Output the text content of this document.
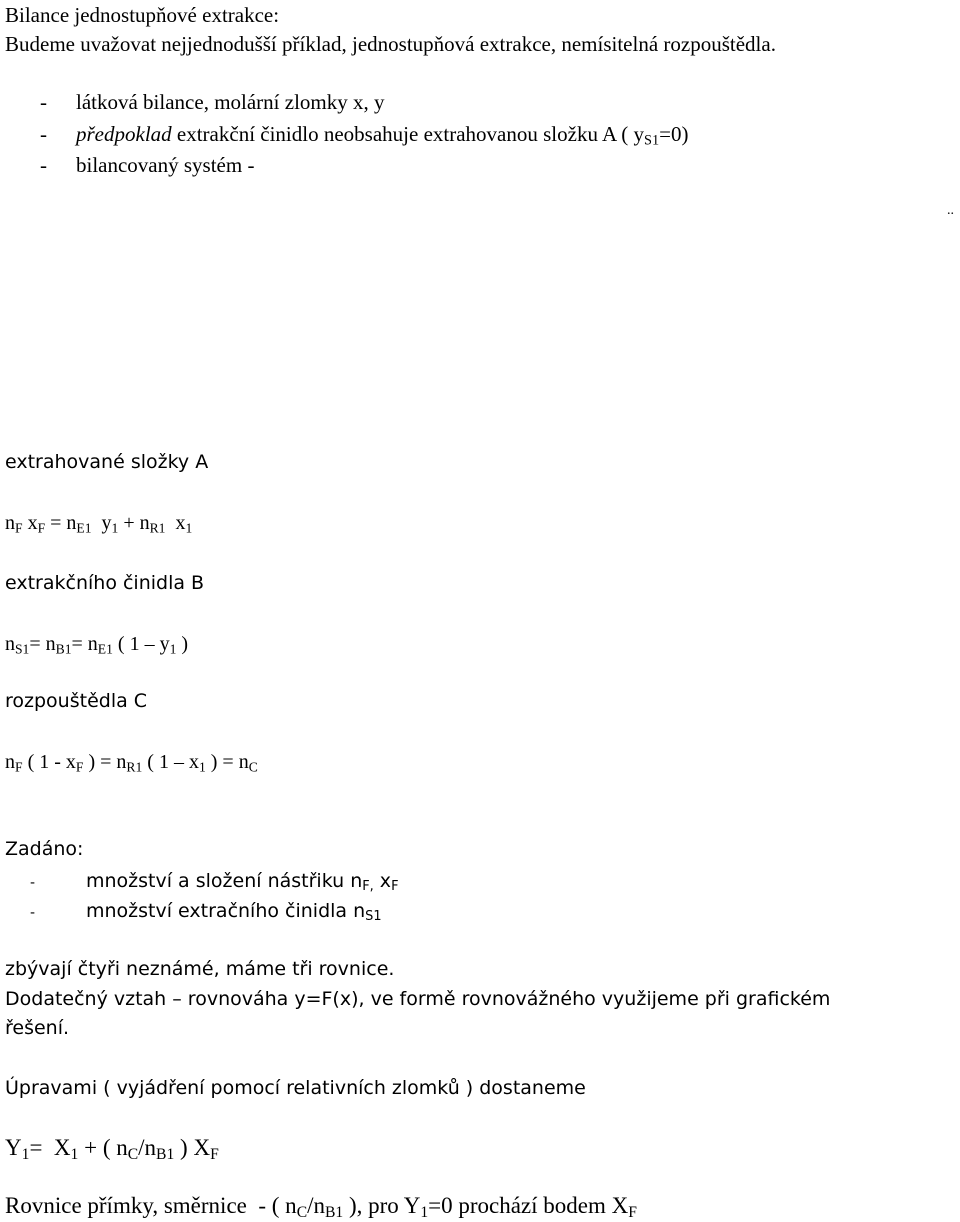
Bilance jednostupňové extrakce:
Budeme uvažovat nejjednodušší příklad, jednostupňová extrakce, nemísitelná rozpouštědla.
- látková bilance, molární zlomky x, y
- předpoklad extrakční činidlo neobsahuje extrahovanou složku A ( $y_{S1}=0$)
- bilancovaný systém -
..
extrahované složky A
$n_F$ $x_F = n_{E1}$  $y_1 + n_{R1}$  $x_1$
extrakčního činidla B
$n_{S1}= n_{B1}= n_{E1}$ ( $1 - y_1$ )
rozpouštědla C
$n_F$ ( $1 - x_F$ ) = $n_{R1}$ ( $1 - x_1$ ) = $n_C$
Zadáno:
-	množství a složení nástřiku $n_{F,}$ $x_F$
-	množství extračního činidla $n_{S1}$
zbývají čtyři neznámé, máme tři rovnice.
Dodatečný vztah – rovnováha y=F(x), ve formě rovnovážného využijeme při grafickém
řešení.
Úpravami ( vyjádření pomocí relativních zlomků ) dostaneme
$Y_1= X_1$ + ( $n_C/n_{B1}$ ) $X_F$
Rovnice přímky, směrnice  - ( $n_C/n_{B1}$ ), pro $Y_1=0$ prochází bodem $X_F$
